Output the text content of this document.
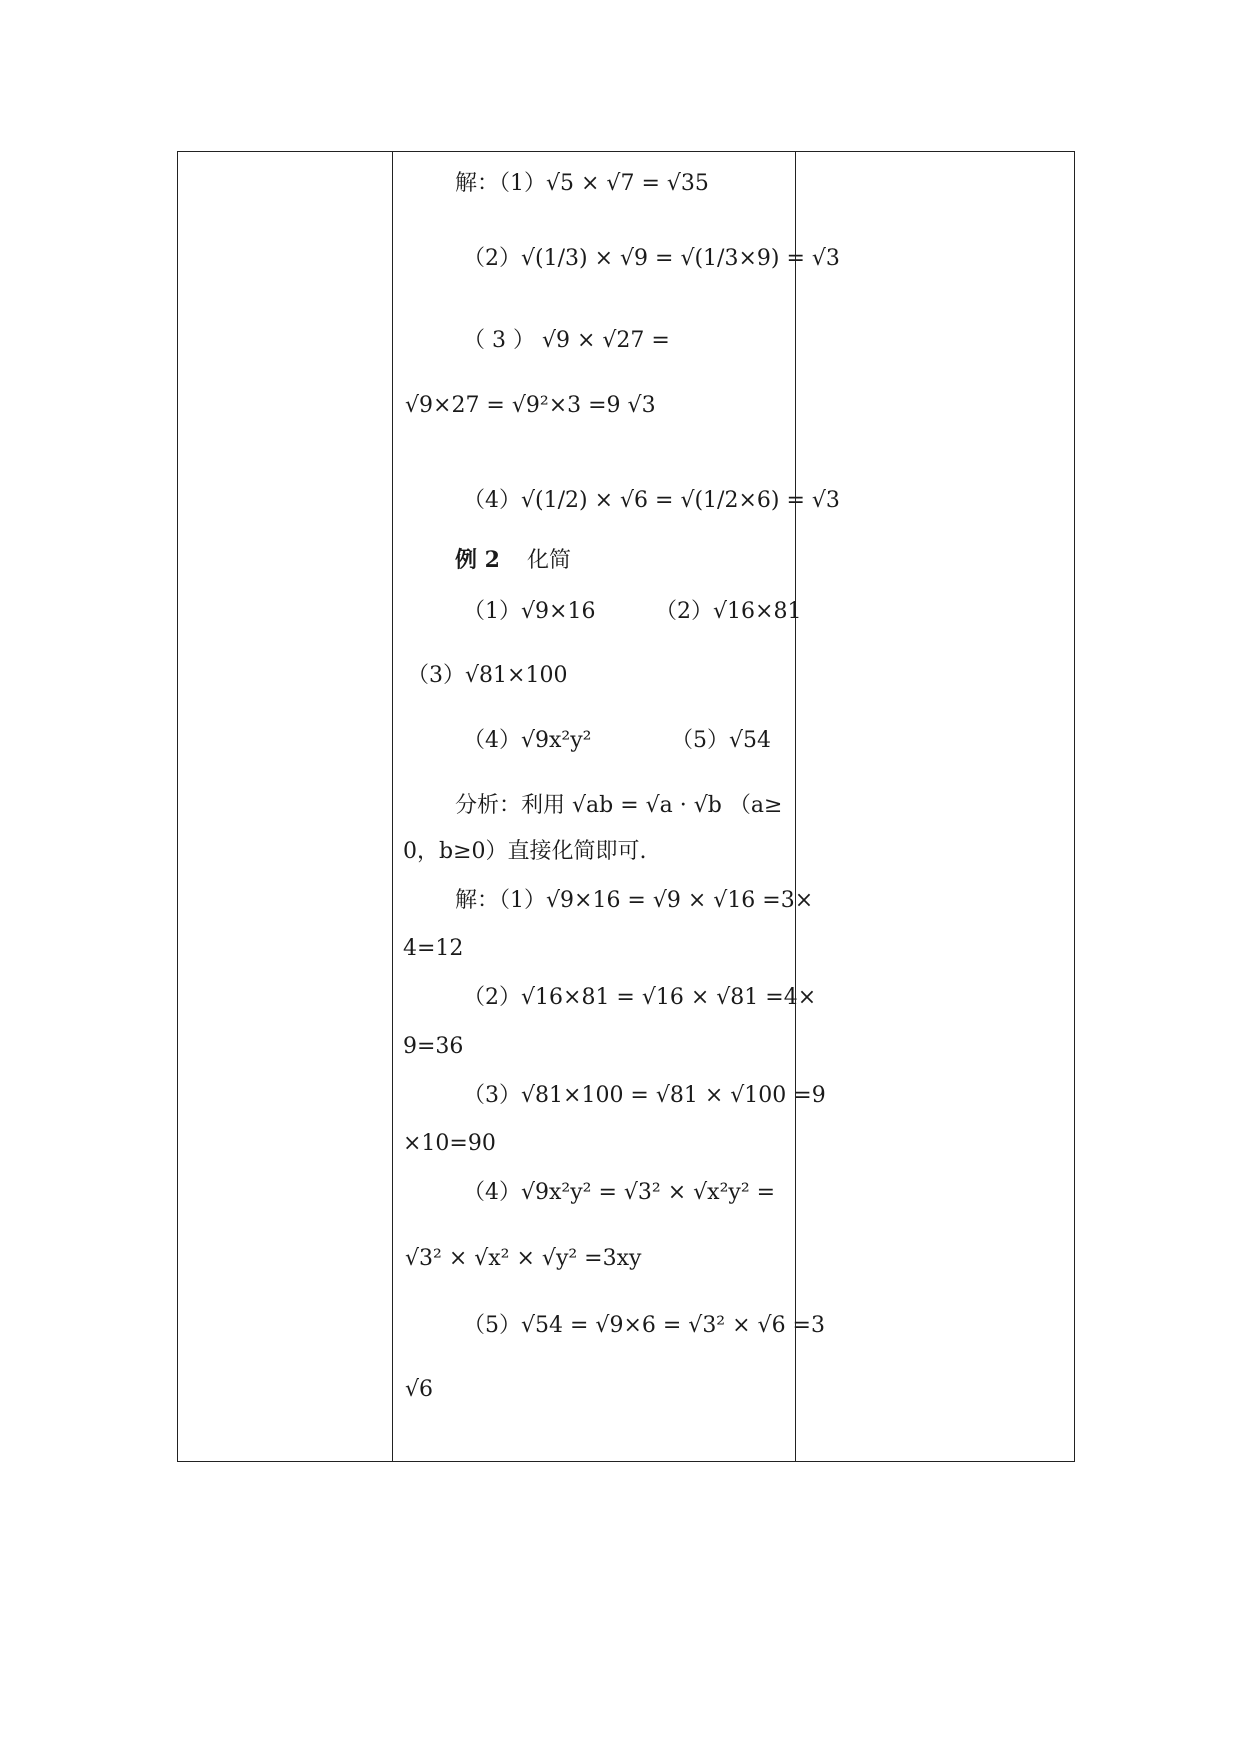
解：（1）√5 × √7 = √35
（2）√(1/3) × √9 = √(1/3×9) = √3
（ 3 ） √9 × √27 =
√9×27 = √9²×3 =9 √3
（4）√(1/2) × √6 = √(1/2×6) = √3
例 2 化简
（1）√9×16	（2）√16×81
（3）√81×100
（4）√9x²y²	（5）√54
分析：利用 √ab = √a · √b （a≥
0，b≥0）直接化简即可.
解：（1）√9×16 = √9 × √16 =3×
4=12
（2）√16×81 = √16 × √81 =4×
9=36
（3）√81×100 = √81 × √100 =9
×10=90
（4）√9x²y² = √3² × √x²y² =
√3² × √x² × √y² =3xy
（5）√54 = √9×6 = √3² × √6 =3
√6
